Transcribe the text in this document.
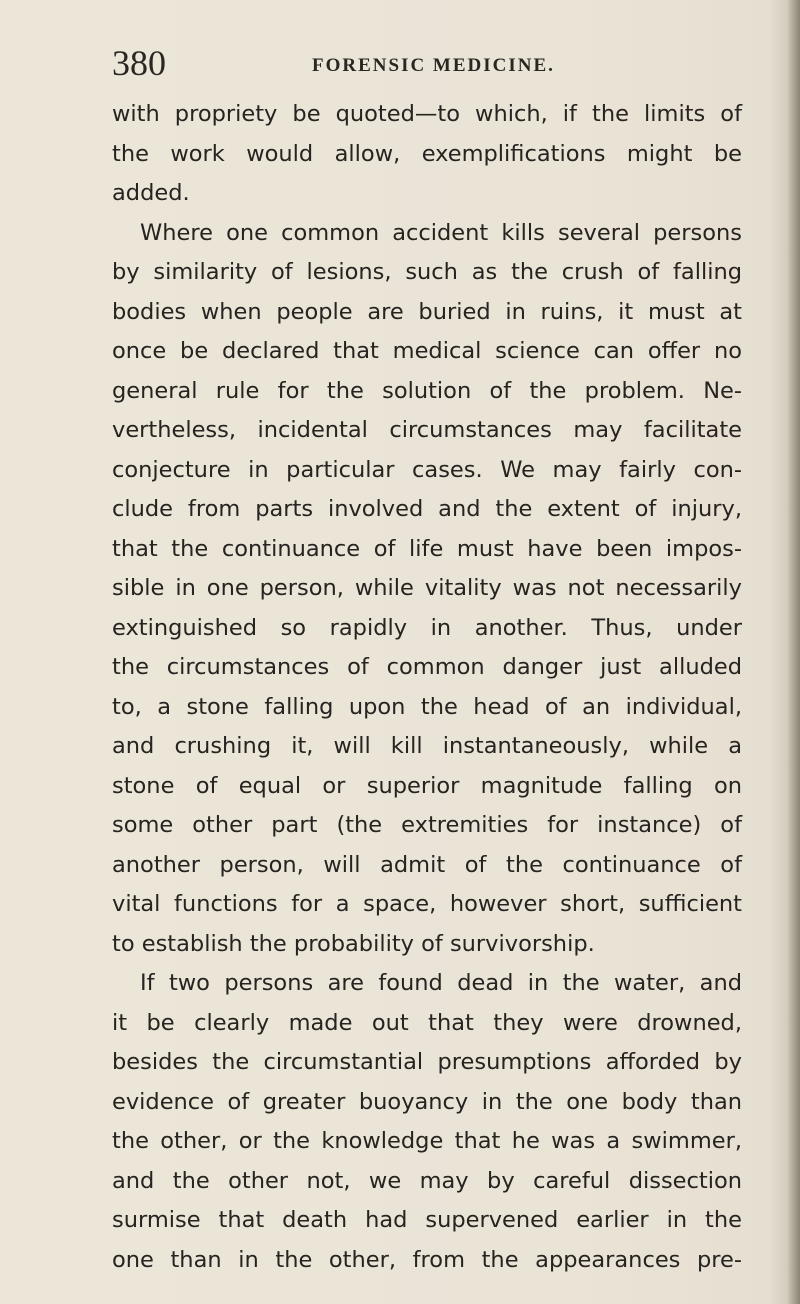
380	FORENSIC MEDICINE.
with propriety be quoted—to which, if the limits of
the work would allow, exemplifications might be
added.
Where one common accident kills several persons
by similarity of lesions, such as the crush of falling
bodies when people are buried in ruins, it must at
once be declared that medical science can offer no
general rule for the solution of the problem. Ne-
vertheless, incidental circumstances may facilitate
conjecture in particular cases. We may fairly con-
clude from parts involved and the extent of injury,
that the continuance of life must have been impos-
sible in one person, while vitality was not necessarily
extinguished so rapidly in another. Thus, under
the circumstances of common danger just alluded
to, a stone falling upon the head of an individual,
and crushing it, will kill instantaneously, while a
stone of equal or superior magnitude falling on
some other part (the extremities for instance) of
another person, will admit of the continuance of
vital functions for a space, however short, sufficient
to establish the probability of survivorship.
If two persons are found dead in the water, and
it be clearly made out that they were drowned,
besides the circumstantial presumptions afforded by
evidence of greater buoyancy in the one body than
the other, or the knowledge that he was a swimmer,
and the other not, we may by careful dissection
surmise that death had supervened earlier in the
one than in the other, from the appearances pre-
